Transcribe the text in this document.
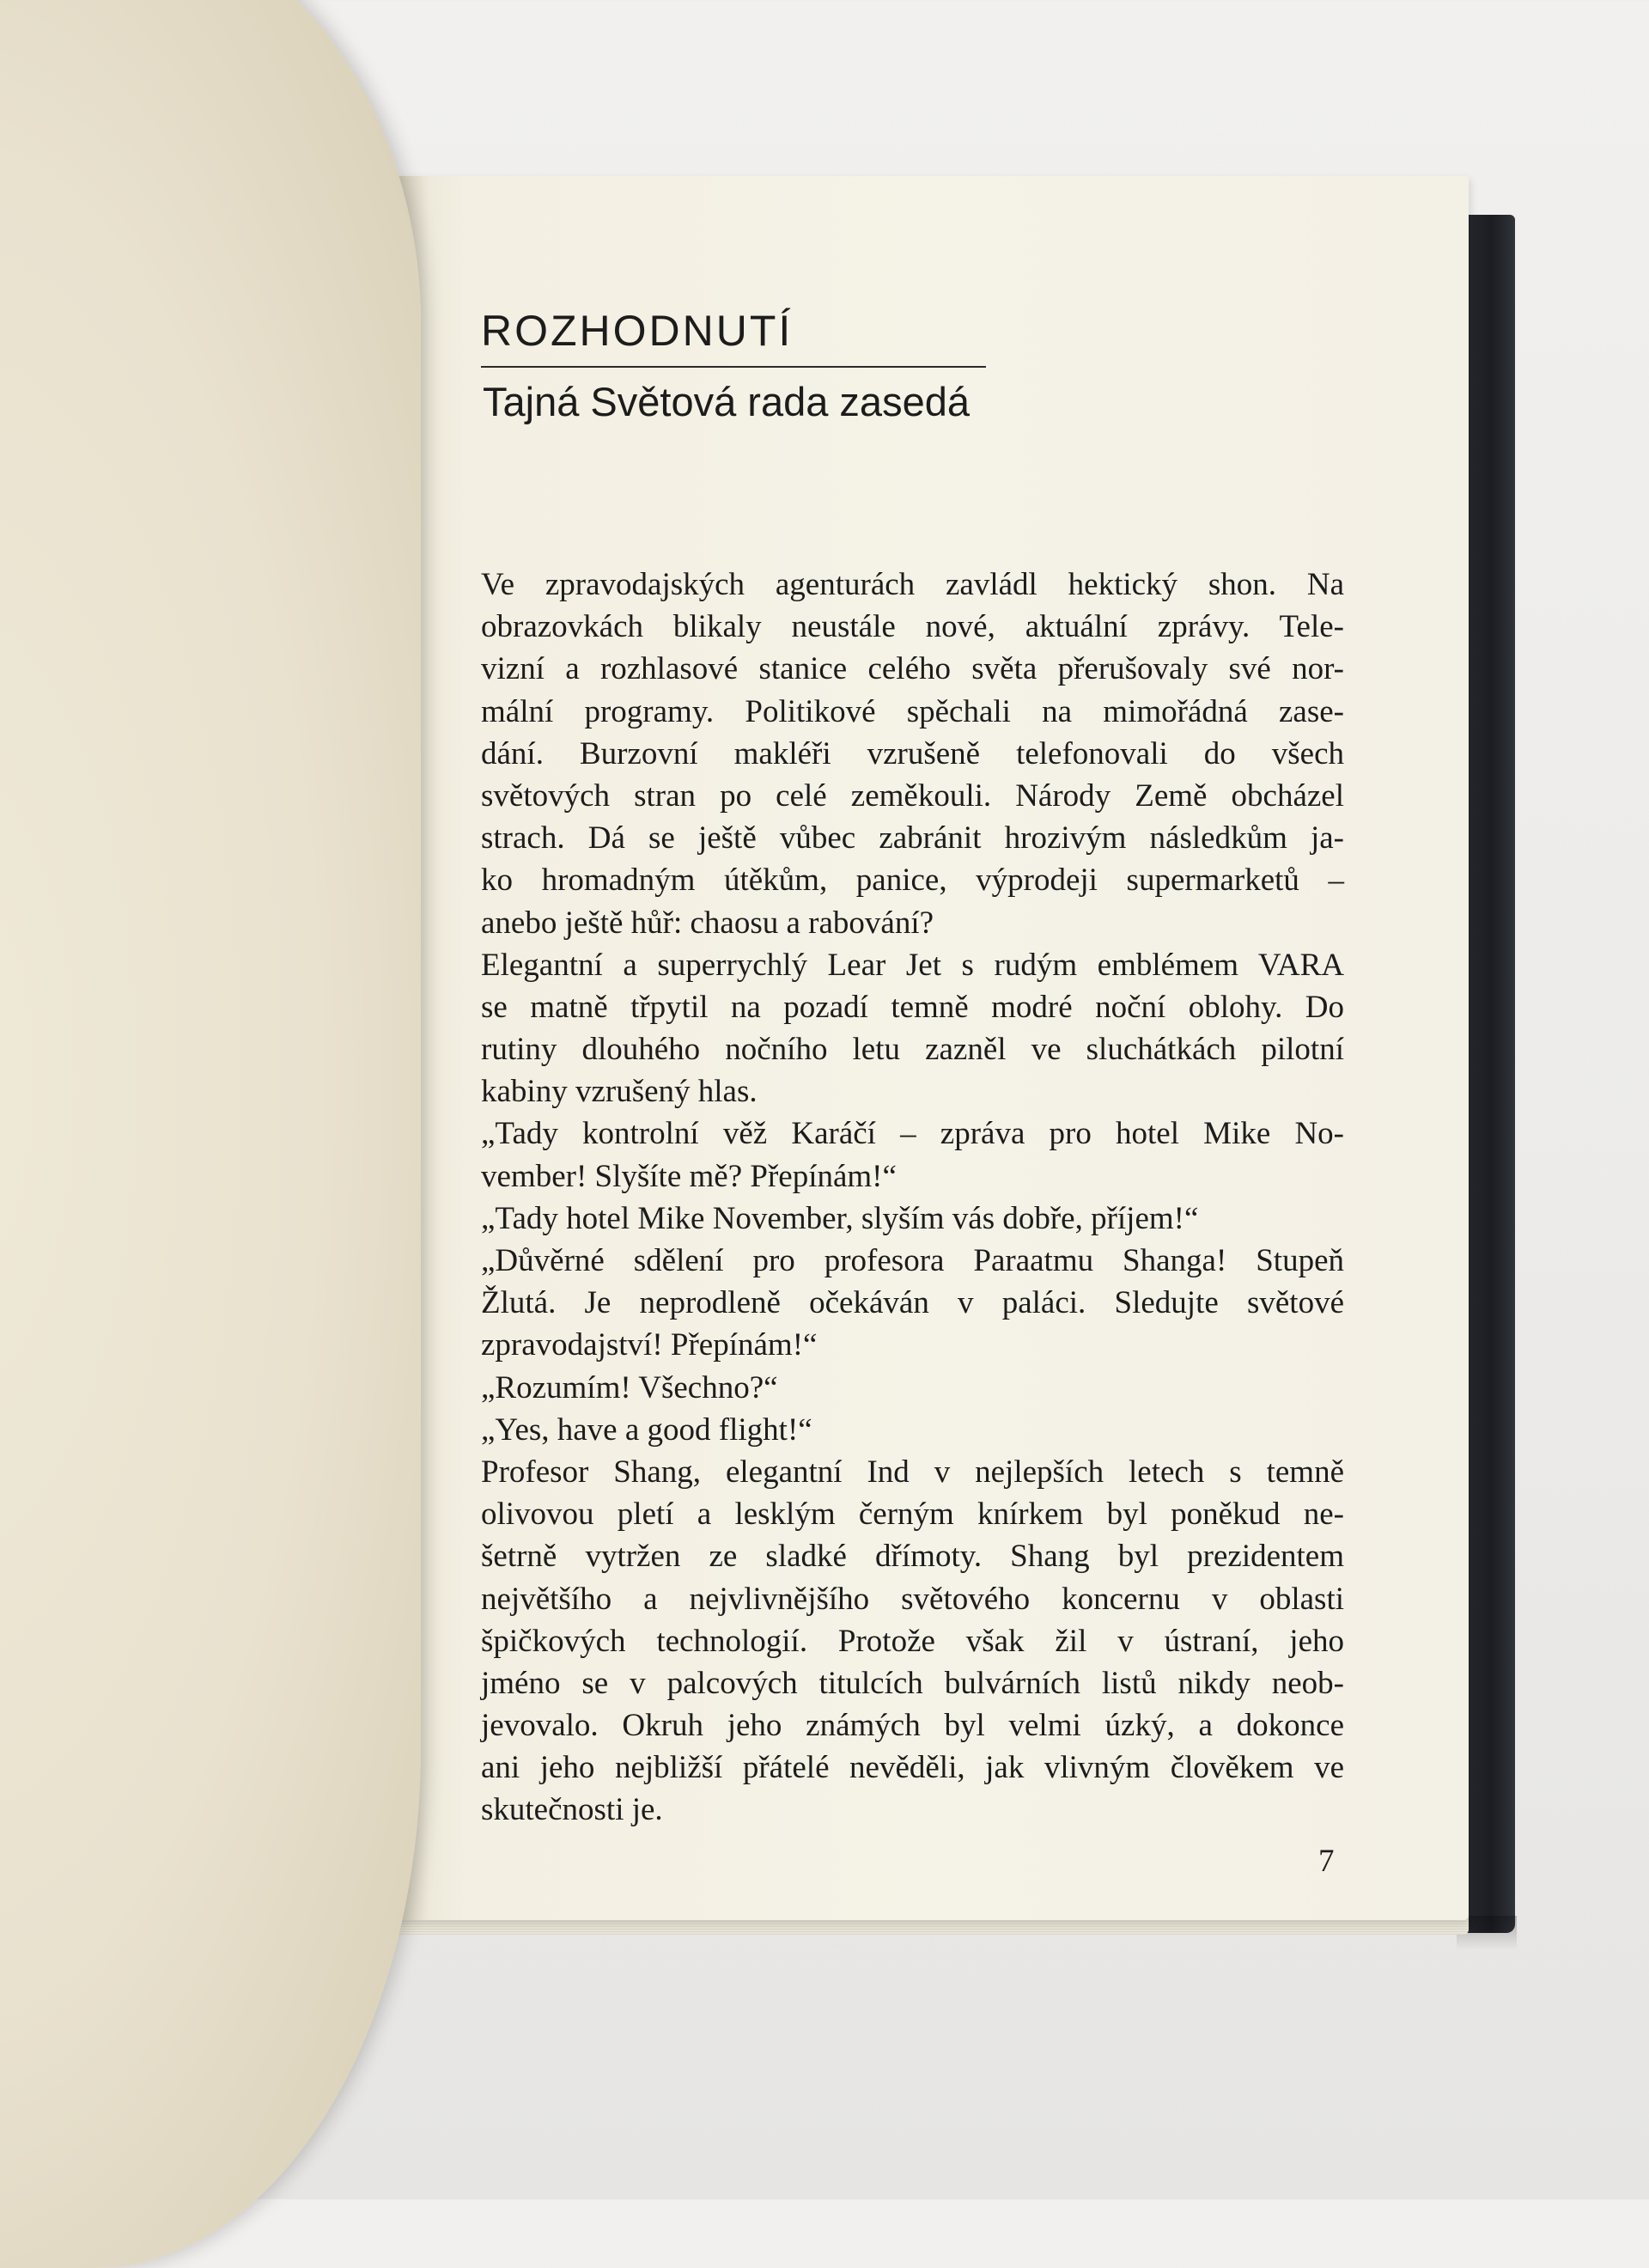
ROZHODNUTÍ
Tajná Světová rada zasedá
Ve zpravodajských agenturách zavládl hektický shon. Na
obrazovkách blikaly neustále nové, aktuální zprávy. Tele-
vizní a rozhlasové stanice celého světa přerušovaly své nor-
mální programy. Politikové spěchali na mimořádná zase-
dání. Burzovní makléři vzrušeně telefonovali do všech
světových stran po celé zeměkouli. Národy Země obcházel
strach. Dá se ještě vůbec zabránit hrozivým následkům ja-
ko hromadným útěkům, panice, výprodeji supermarketů –
anebo ještě hůř: chaosu a rabování?
Elegantní a superrychlý Lear Jet s rudým emblémem VARA
se matně třpytil na pozadí temně modré noční oblohy. Do
rutiny dlouhého nočního letu zazněl ve sluchátkách pilotní
kabiny vzrušený hlas.
„Tady kontrolní věž Karáčí – zpráva pro hotel Mike No-
vember! Slyšíte mě? Přepínám!“
„Tady hotel Mike November, slyším vás dobře, příjem!“
„Důvěrné sdělení pro profesora Paraatmu Shanga! Stupeň
Žlutá. Je neprodleně očekáván v paláci. Sledujte světové
zpravodajství! Přepínám!“
„Rozumím! Všechno?“
„Yes, have a good flight!“
Profesor Shang, elegantní Ind v nejlepších letech s temně
olivovou pletí a lesklým černým knírkem byl poněkud ne-
šetrně vytržen ze sladké dřímoty. Shang byl prezidentem
největšího a nejvlivnějšího světového koncernu v oblasti
špičkových technologií. Protože však žil v ústraní, jeho
jméno se v palcových titulcích bulvárních listů nikdy neob-
jevovalo. Okruh jeho známých byl velmi úzký, a dokonce
ani jeho nejbližší přátelé nevěděli, jak vlivným člověkem ve
skutečnosti je.
7
